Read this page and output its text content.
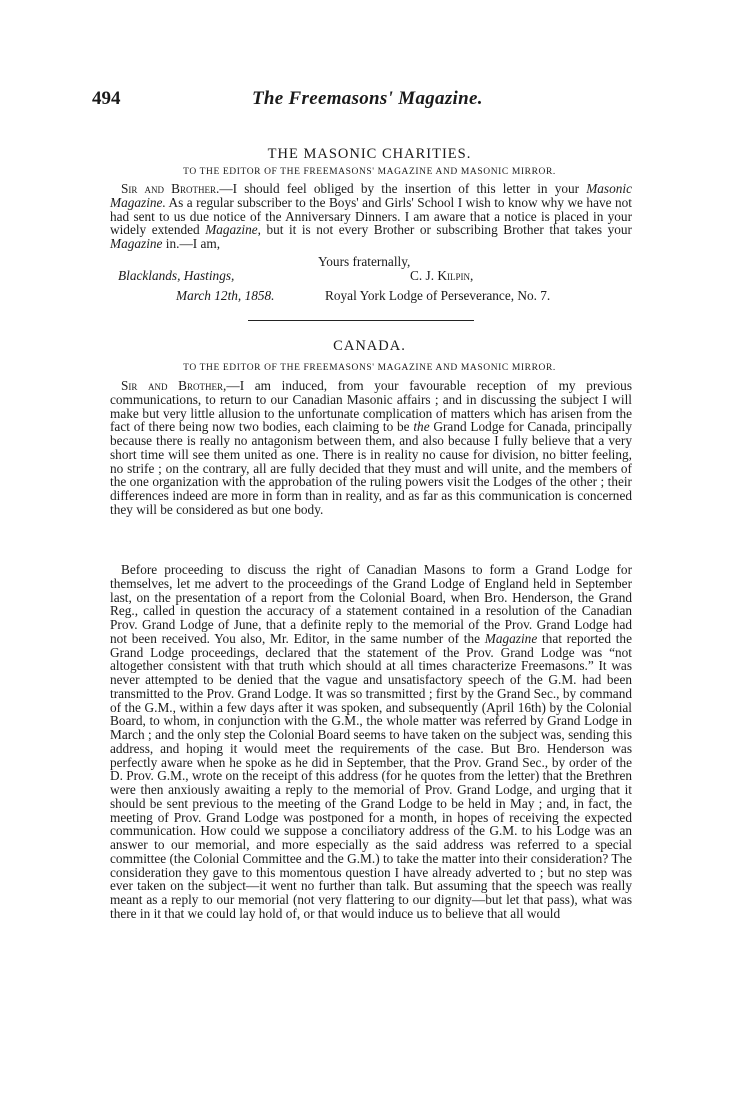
494	The Freemasons' Magazine.
THE MASONIC CHARITIES.
TO THE EDITOR OF THE FREEMASONS' MAGAZINE AND MASONIC MIRROR.

Sir and Brother.—I should feel obliged by the insertion of this letter in your Masonic Magazine. As a regular subscriber to the Boys' and Girls' School I wish to know why we have not had sent to us due notice of the Anniversary Dinners. I am aware that a notice is placed in your widely extended Magazine, but it is not every Brother or subscribing Brother that takes your Magazine in.—I am,

Yours fraternally,
Blacklands, Hastings,	C. J. Kilpin,
March 12th, 1858.	Royal York Lodge of Perseverance, No. 7.
CANADA.
TO THE EDITOR OF THE FREEMASONS' MAGAZINE AND MASONIC MIRROR.

Sir and Brother,—I am induced, from your favourable reception of my previous communications, to return to our Canadian Masonic affairs ; and in discussing the subject I will make but very little allusion to the unfortunate complication of matters which has arisen from the fact of there being now two bodies, each claiming to be the Grand Lodge for Canada, principally because there is really no antagonism between them, and also because I fully believe that a very short time will see them united as one. There is in reality no cause for division, no bitter feeling, no strife ; on the contrary, all are fully decided that they must and will unite, and the members of the one organization with the approbation of the ruling powers visit the Lodges of the other ; their differences indeed are more in form than in reality, and as far as this communication is concerned they will be considered as but one body.

Before proceeding to discuss the right of Canadian Masons to form a Grand Lodge for themselves, let me advert to the proceedings of the Grand Lodge of England held in September last, on the presentation of a report from the Colonial Board, when Bro. Henderson, the Grand Reg., called in question the accuracy of a statement contained in a resolution of the Canadian Prov. Grand Lodge of June, that a definite reply to the memorial of the Prov. Grand Lodge had not been received. You also, Mr. Editor, in the same number of the Magazine that reported the Grand Lodge proceedings, declared that the statement of the Prov. Grand Lodge was “not altogether consistent with that truth which should at all times characterize Freemasons.” It was never attempted to be denied that the vague and unsatisfactory speech of the G.M. had been transmitted to the Prov. Grand Lodge. It was so transmitted ; first by the Grand Sec., by command of the G.M., within a few days after it was spoken, and subsequently (April 16th) by the Colonial Board, to whom, in conjunction with the G.M., the whole matter was referred by Grand Lodge in March ; and the only step the Colonial Board seems to have taken on the subject was, sending this address, and hoping it would meet the requirements of the case. But Bro. Henderson was perfectly aware when he spoke as he did in September, that the Prov. Grand Sec., by order of the D. Prov. G.M., wrote on the receipt of this address (for he quotes from the letter) that the Brethren were then anxiously awaiting a reply to the memorial of Prov. Grand Lodge, and urging that it should be sent previous to the meeting of the Grand Lodge to be held in May ; and, in fact, the meeting of Prov. Grand Lodge was postponed for a month, in hopes of receiving the expected communication. How could we suppose a conciliatory address of the G.M. to his Lodge was an answer to our memorial, and more especially as the said address was referred to a special committee (the Colonial Committee and the G.M.) to take the matter into their consideration? The consideration they gave to this momentous question I have already adverted to ; but no step was ever taken on the subject—it went no further than talk. But assuming that the speech was really meant as a reply to our memorial (not very flattering to our dignity—but let that pass), what was there in it that we could lay hold of, or that would induce us to believe that all would
